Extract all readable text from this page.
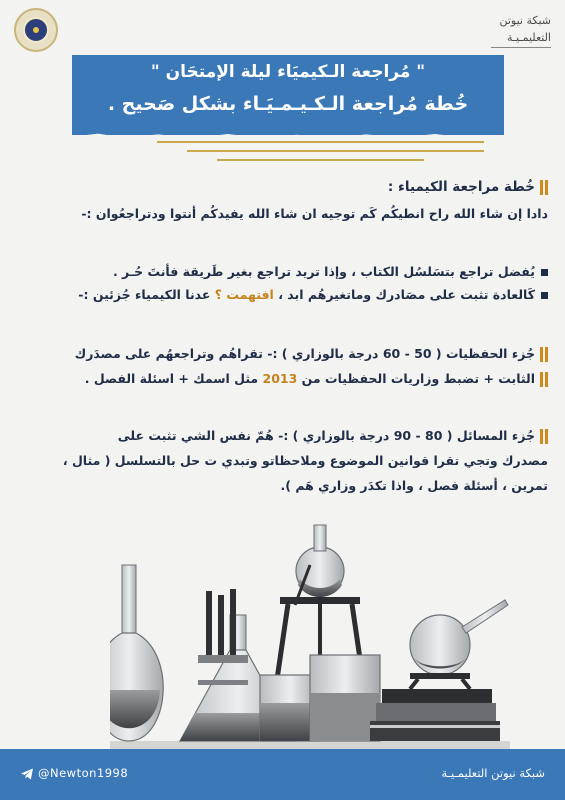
شبكة نيوتن
التعليمـيـة
" مُراجعة الـكيميَاء ليلة الإمتحَان "
خُطة مُراجعة الـكـيـمـيَـاء بشكل صَحيح .
خُطة مراجعة الكيمياء :
دادا إن شاء الله راح انطيكُم كَم توجيه ان شاء الله يفيدكُم أنتوا ودتراجعُوان :-
يُفضل تراجع بتسَلسُل الكتاب ، وإذا تريد تراجع بغير طَريقة فأنتَ حُـر .
كَالعادة تثبت على مصَادرك وماتغيرهُم ابد ، افتهمت ؟ عدنا الكيمياء جُزئين :-
جُزء الحفظيات ( 50 - 60 درجة بالوزاري ) :- تقراهُم وتراجعهُم على مصدَرك
الثابت + تضبط وزاريات الحفظيات من 2013 مثل اسمك + اسئلة الفصل .
جُزء المسائل ( 80 - 90 درجة بالوزاري ) :- هُمّ نفس الشي تثبت على
مصدرك وتجي تقرا قوانين الموضوع وملاحظاتو وتبدي ت حل بالتسلسل ( مثال ،
تمرين ، أسئلة فصل ، واذا تكدَر وزاري هَم ).
@Newton1998	شبكة نيوتن التعليمـيـة
